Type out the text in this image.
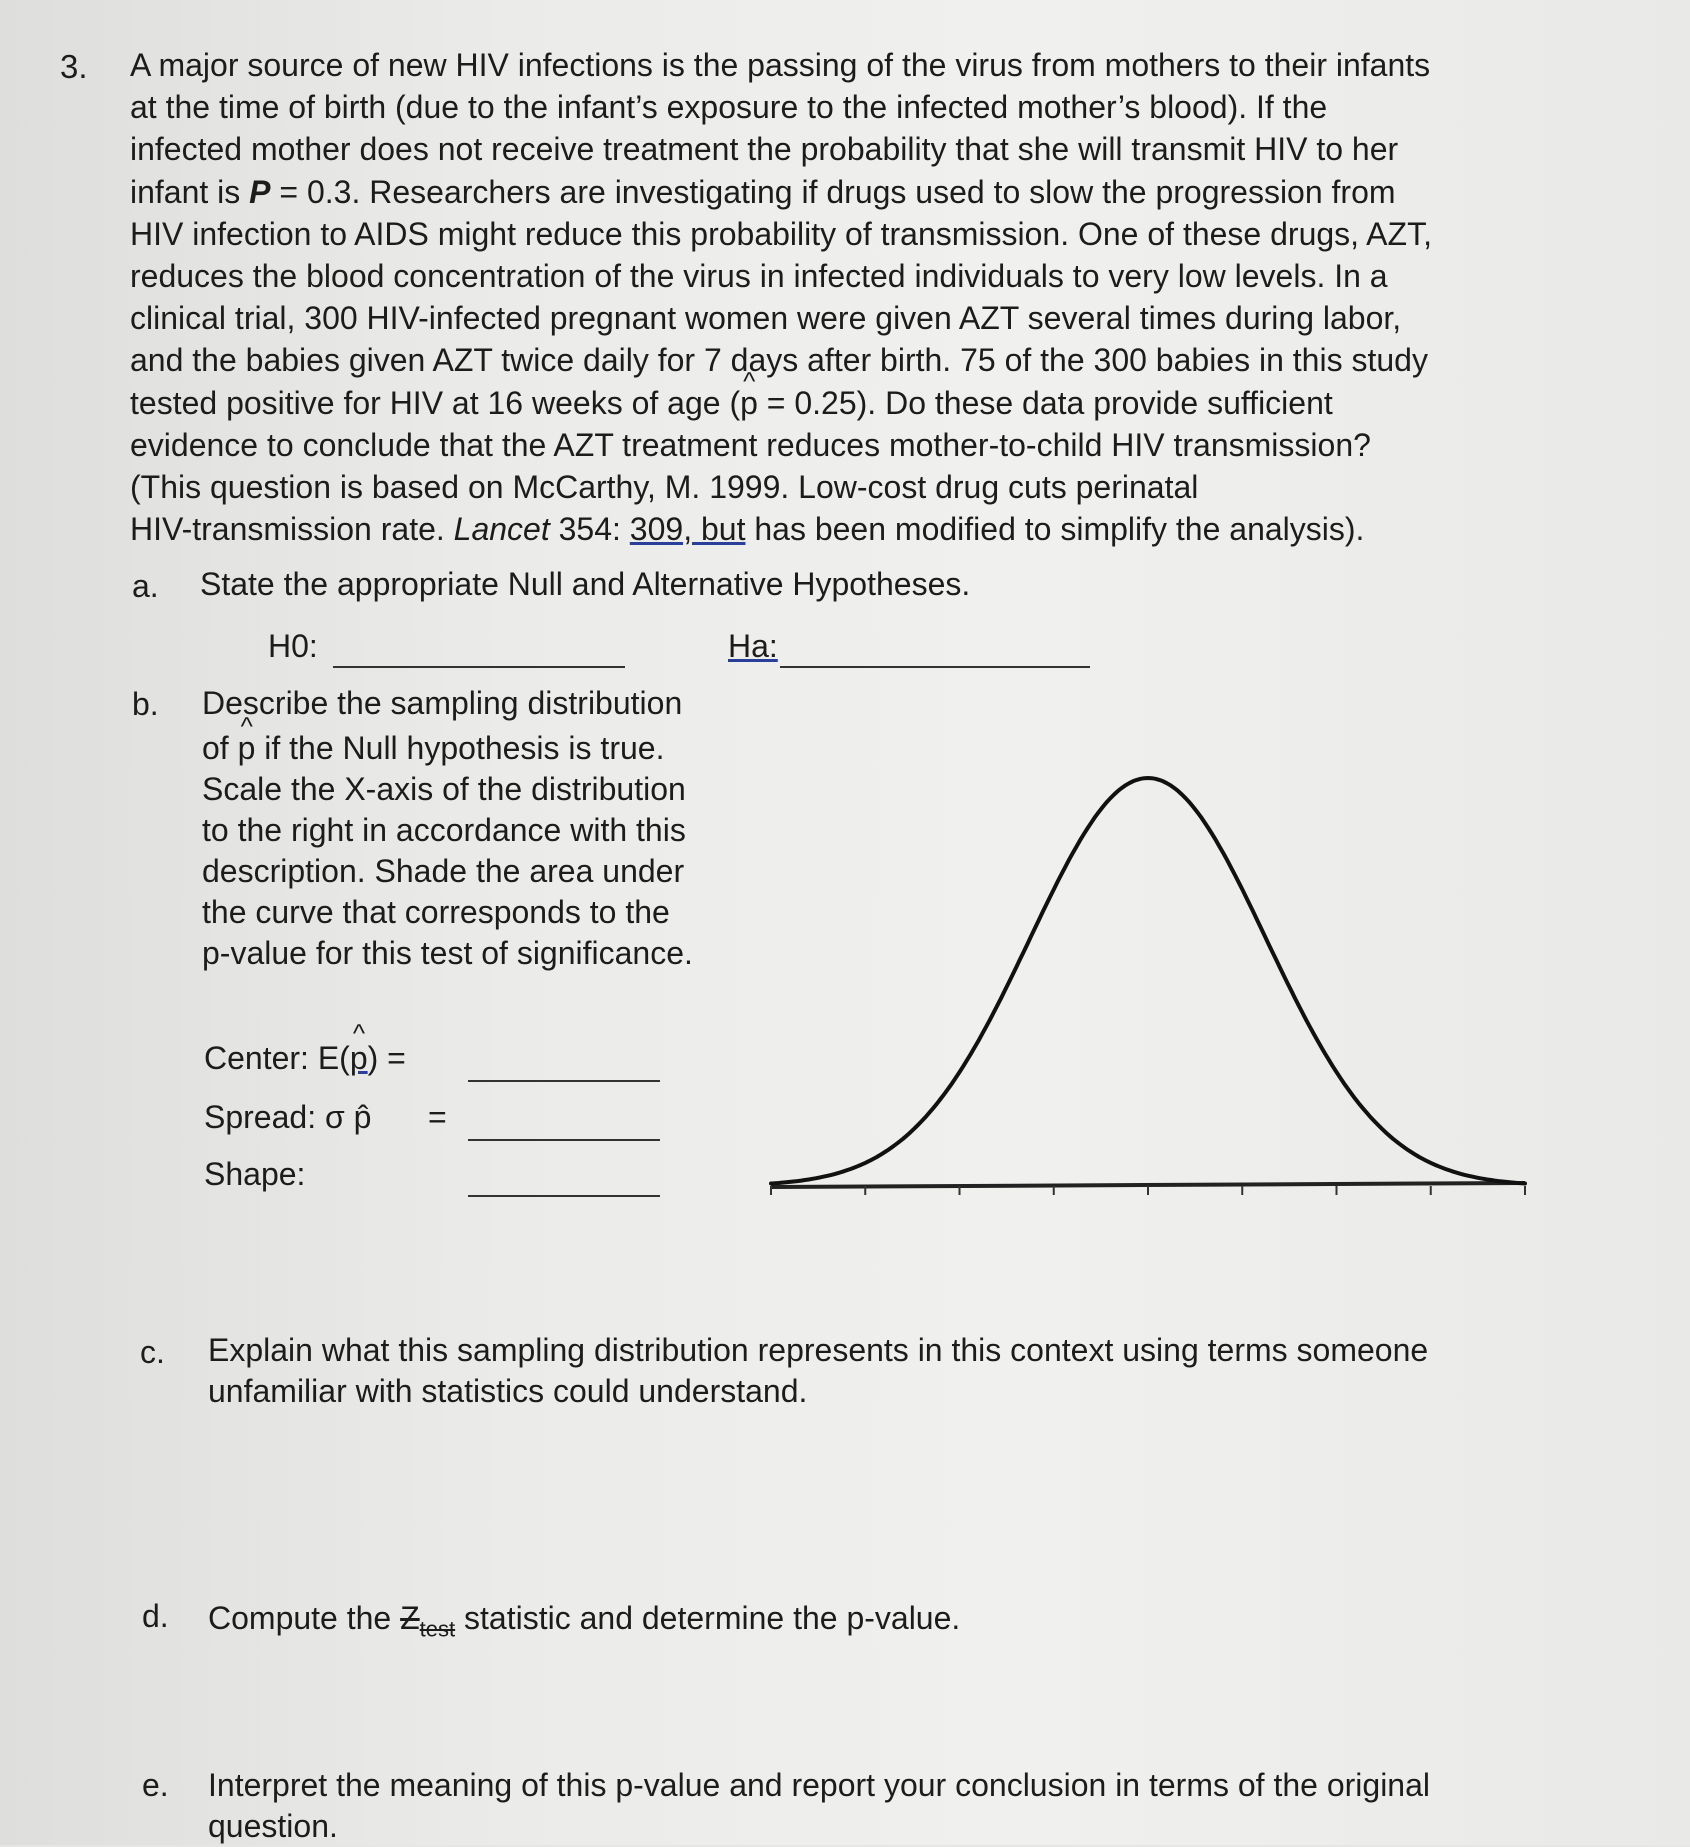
3. A major source of new HIV infections is the passing of the virus from mothers to their infants
at the time of birth (due to the infant’s exposure to the infected mother’s blood). If the
infected mother does not receive treatment the probability that she will transmit HIV to her
infant is P = 0.3. Researchers are investigating if drugs used to slow the progression from
HIV infection to AIDS might reduce this probability of transmission. One of these drugs, AZT,
reduces the blood concentration of the virus in infected individuals to very low levels. In a
clinical trial, 300 HIV-infected pregnant women were given AZT several times during labor,
and the babies given AZT twice daily for 7 days after birth. 75 of the 300 babies in this study
tested positive for HIV at 16 weeks of age (^ p = 0.25). Do these data provide sufficient
evidence to conclude that the AZT treatment reduces mother-to-child HIV transmission?
(This question is based on McCarthy, M. 1999. Low-cost drug cuts perinatal
HIV-transmission rate. Lancet 354: 309, but has been modified to simplify the analysis).
a. State the appropriate Null and Alternative Hypotheses.
H0:	Ha:
b. Describe the sampling distribution
of ^ p if the Null hypothesis is true.
Scale the X-axis of the distribution
to the right in accordance with this
description. Shade the area under
the curve that corresponds to the
p-value for this test of significance.
Center: E(^ p) =
Spread: σ p̂ =
Shape:
c. Explain what this sampling distribution represents in this context using terms someone
unfamiliar with statistics could understand.
d. Compute the $Z_{test}$ statistic and determine the p-value.
e. Interpret the meaning of this p-value and report your conclusion in terms of the original
question.
